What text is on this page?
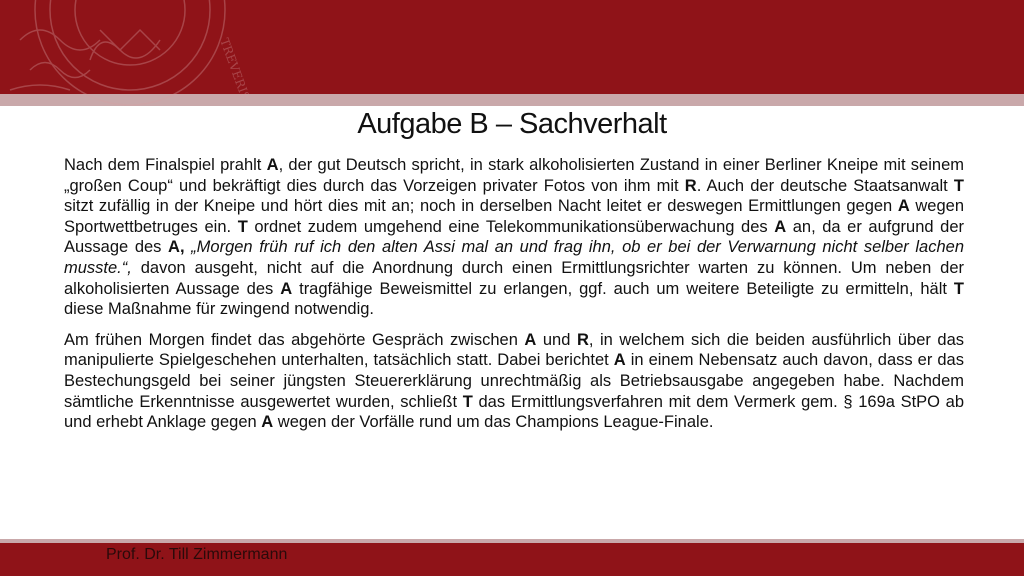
TREVERIS
Aufgabe B – Sachverhalt

Nach dem Finalspiel prahlt A, der gut Deutsch spricht, in stark alkoholisierten Zustand in einer Berliner Kneipe mit seinem „großen Coup“ und bekräftigt dies durch das Vorzeigen privater Fotos von ihm mit R. Auch der deutsche Staatsanwalt T sitzt zufällig in der Kneipe und hört dies mit an; noch in derselben Nacht leitet er deswegen Ermittlungen gegen A wegen Sportwettbetruges ein. T ordnet zudem umgehend eine Telekommunikationsüberwachung des A an, da er aufgrund der Aussage des A, „Morgen früh ruf ich den alten Assi mal an und frag ihn, ob er bei der Verwarnung nicht selber lachen musste.“, davon ausgeht, nicht auf die Anordnung durch einen Ermittlungsrichter warten zu können. Um neben der alkoholisierten Aussage des A tragfähige Beweismittel zu erlangen, ggf. auch um weitere Beteiligte zu ermitteln, hält T diese Maßnahme für zwingend notwendig.

Am frühen Morgen findet das abgehörte Gespräch zwischen A und R, in welchem sich die beiden ausführlich über das manipulierte Spielgeschehen unterhalten, tatsächlich statt. Dabei berichtet A in einem Nebensatz auch davon, dass er das Bestechungsgeld bei seiner jüngsten Steuererklärung unrechtmäßig als Betriebsausgabe angegeben habe. Nachdem sämtliche Erkenntnisse ausgewertet wurden, schließt T das Ermittlungsverfahren mit dem Vermerk gem. § 169a StPO ab und erhebt Anklage gegen A wegen der Vorfälle rund um das Champions League-Finale.

Prof. Dr. Till Zimmermann
